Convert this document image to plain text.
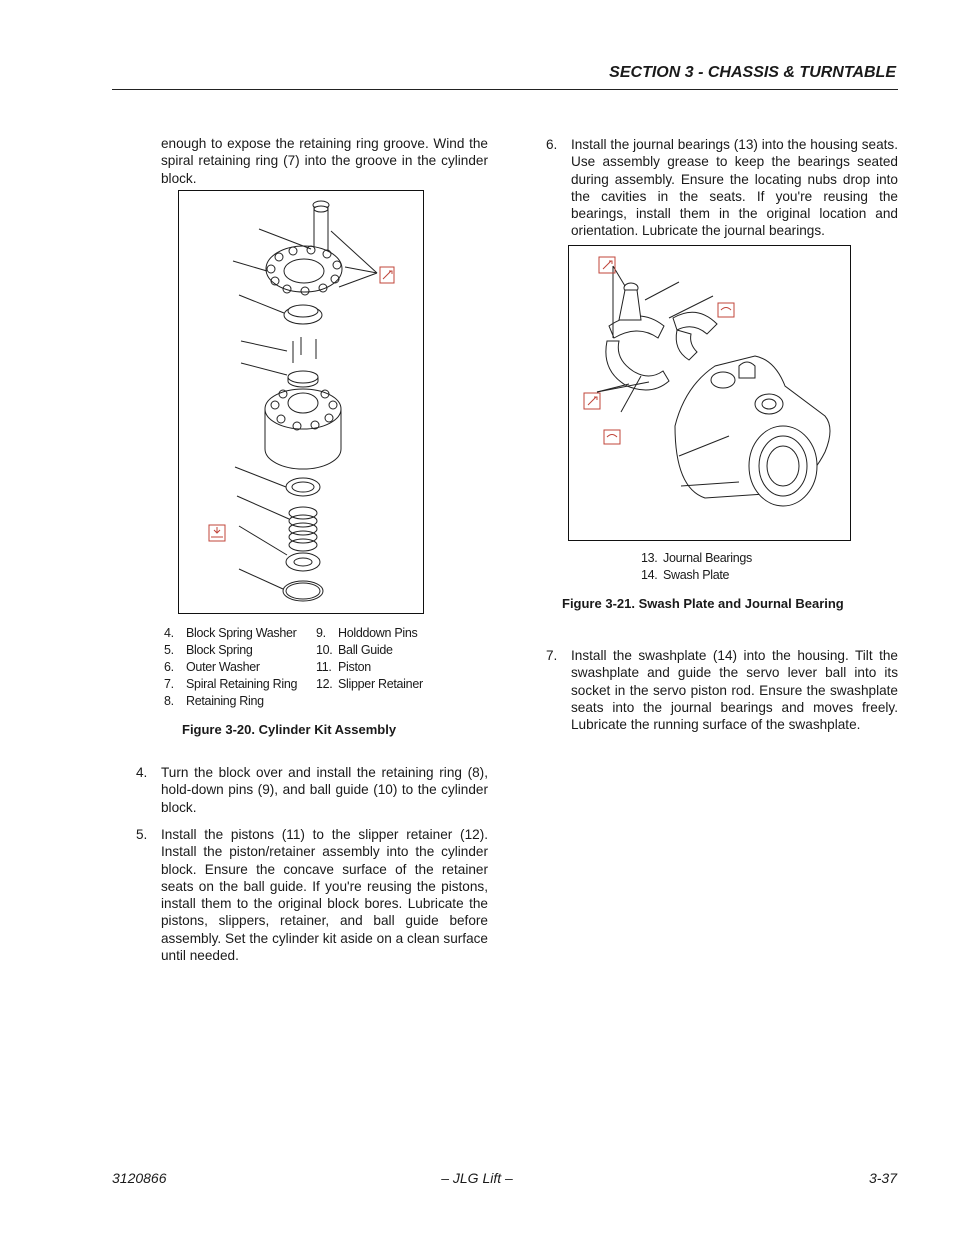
SECTION 3 - CHASSIS & TURNTABLE

enough to expose the retaining ring groove. Wind the spiral retaining ring (7) into the groove in the cylinder block.

4. Block Spring Washer
5. Block Spring
6. Outer Washer
7. Spiral Retaining Ring
8. Retaining Ring
9. Holddown Pins
10. Ball Guide
11. Piston
12. Slipper Retainer
Figure 3-20. Cylinder Kit Assembly
4. Turn the block over and install the retaining ring (8), hold-down pins (9), and ball guide (10) to the cylinder block.

5. Install the pistons (11) to the slipper retainer (12). Install the piston/retainer assembly into the cylinder block. Ensure the concave surface of the retainer seats on the ball guide. If you're reusing the pistons, install them to the original block bores. Lubricate the pistons, slippers, retainer, and ball guide before assembly. Set the cylinder kit aside on a clean surface until needed.

6. Install the journal bearings (13) into the housing seats. Use assembly grease to keep the bearings seated during assembly. Ensure the locating nubs drop into the cavities in the seats. If you're reusing the bearings, install them in the original location and orientation. Lubricate the journal bearings.

13. Journal Bearings
14. Swash Plate
Figure 3-21. Swash Plate and Journal Bearing
7. Install the swashplate (14) into the housing. Tilt the swashplate and guide the servo lever ball into its socket in the servo piston rod. Ensure the swashplate seats into the journal bearings and moves freely. Lubricate the running surface of the swashplate.

3120866	– JLG Lift –	3-37
